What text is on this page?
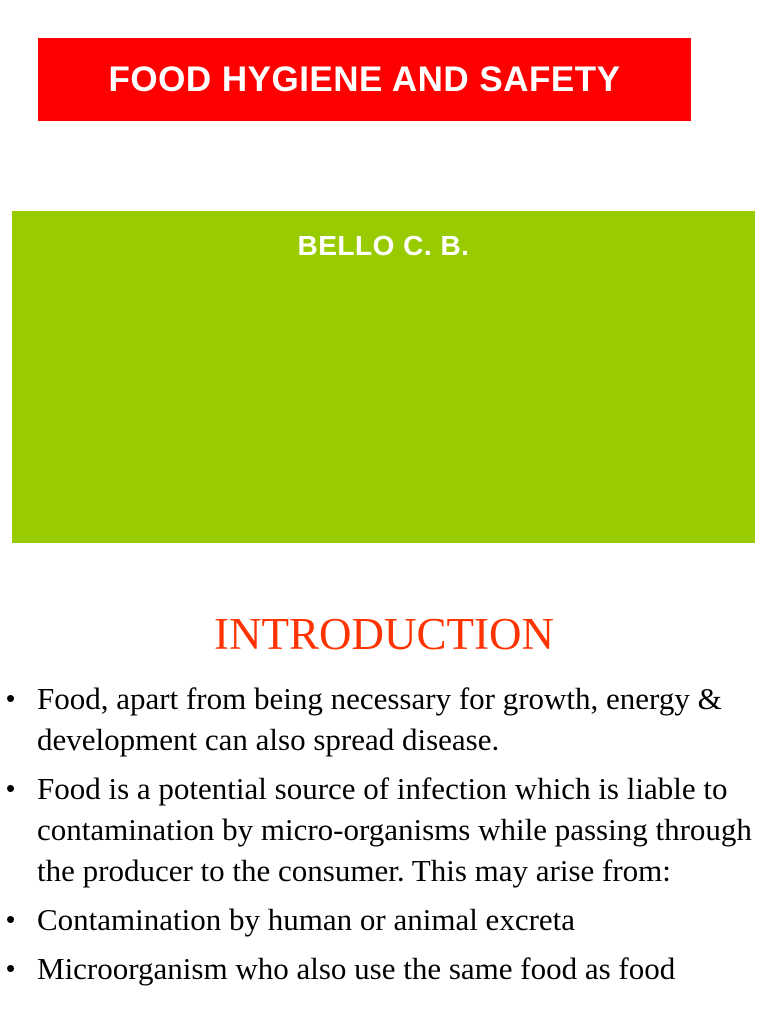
FOOD HYGIENE AND SAFETY
BELLO C. B.
INTRODUCTION
• Food, apart from being necessary for growth, energy & development can also spread disease.
• Food is a potential source of infection which is liable to contamination by micro-organisms while passing through the producer to the consumer. This may arise from:
• Contamination by human or animal excreta
• Microorganism who also use the same food as food
